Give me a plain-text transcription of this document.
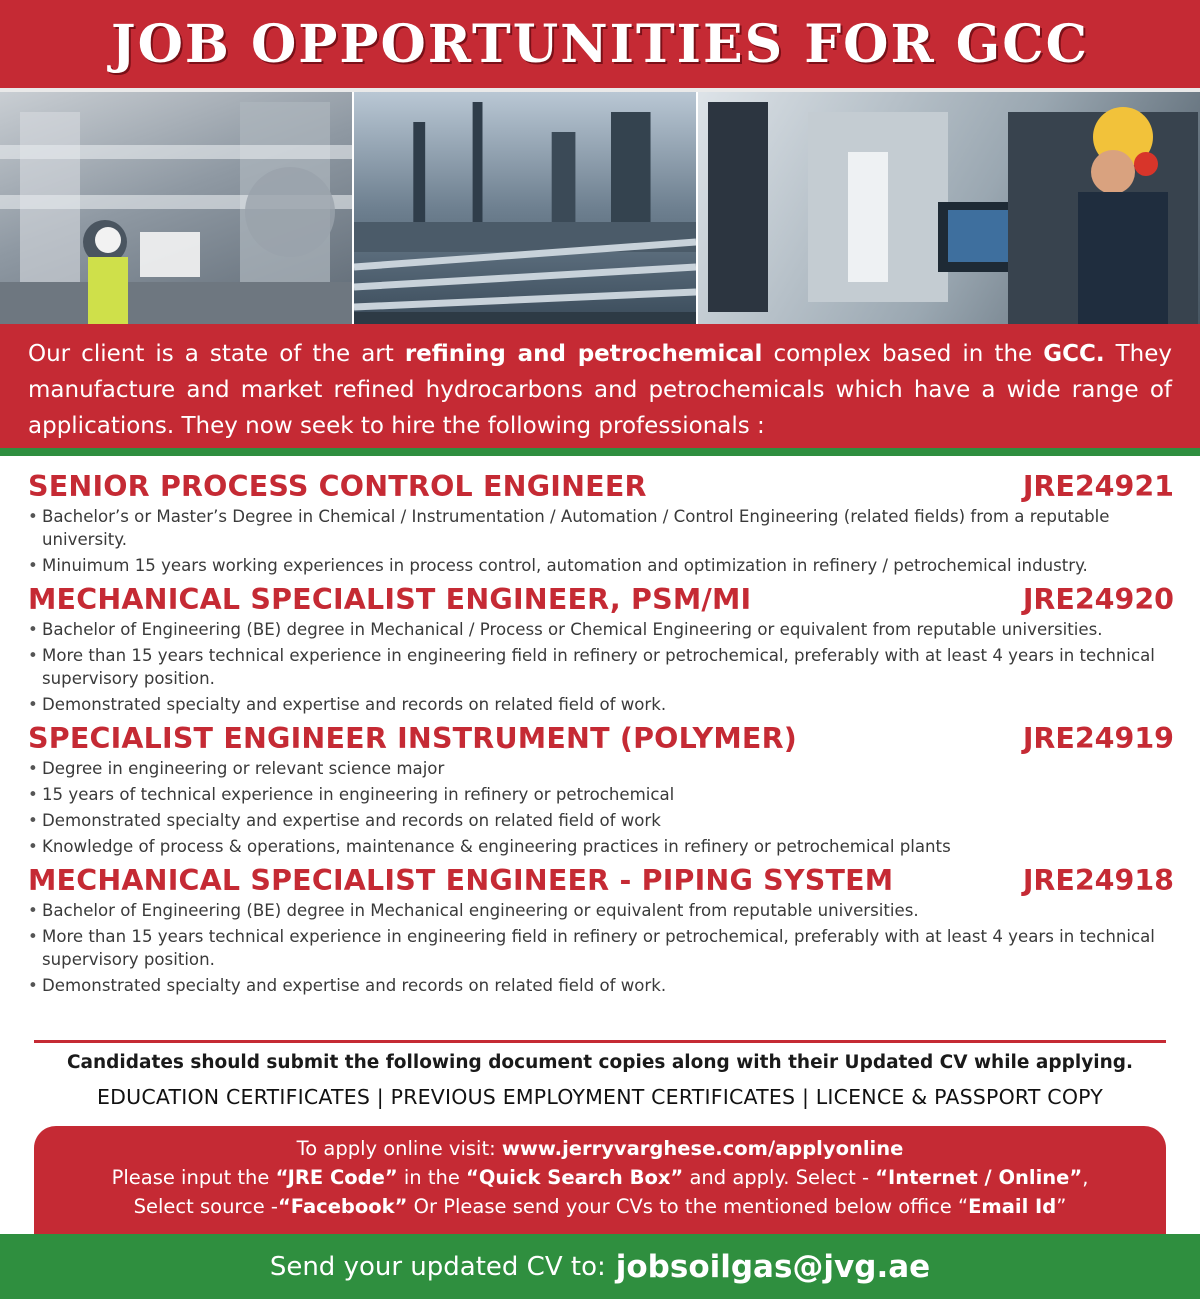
JOB OPPORTUNITIES FOR GCC
Our client is a state of the art refining and petrochemical complex based in the GCC. They manufacture and market refined hydrocarbons and petrochemicals which have a wide range of applications. They now seek to hire the following professionals :
SENIOR PROCESS CONTROL ENGINEER	JRE24921
• Bachelor’s or Master’s Degree in Chemical / Instrumentation / Automation / Control Engineering (related fields) from a reputable university.
• Minuimum 15 years working experiences in process control, automation and optimization in refinery / petrochemical industry.
MECHANICAL SPECIALIST ENGINEER, PSM/MI	JRE24920
• Bachelor of Engineering (BE) degree in Mechanical / Process or Chemical Engineering or equivalent from reputable universities.
• More than 15 years technical experience in engineering field in refinery or petrochemical, preferably with at least 4 years in technical supervisory position.
• Demonstrated specialty and expertise and records on related field of work.
SPECIALIST ENGINEER INSTRUMENT (POLYMER)	JRE24919
• Degree in engineering or relevant science major
• 15 years of technical experience in engineering in refinery or petrochemical
• Demonstrated specialty and expertise and records on related field of work
• Knowledge of process & operations, maintenance & engineering practices in refinery or petrochemical plants
MECHANICAL SPECIALIST ENGINEER - PIPING SYSTEM	JRE24918
• Bachelor of Engineering (BE) degree in Mechanical engineering or equivalent from reputable universities.
• More than 15 years technical experience in engineering field in refinery or petrochemical, preferably with at least 4 years in technical supervisory position.
• Demonstrated specialty and expertise and records on related field of work.
Candidates should submit the following document copies along with their Updated CV while applying.
EDUCATION CERTIFICATES | PREVIOUS EMPLOYMENT CERTIFICATES | LICENCE & PASSPORT COPY
To apply online visit: www.jerryvarghese.com/applyonline
Please input the “JRE Code” in the “Quick Search Box” and apply. Select - “Internet / Online”,
Select source -“Facebook” Or Please send your CVs to the mentioned below office “Email Id”
Send your updated CV to: jobsoilgas@jvg.ae
